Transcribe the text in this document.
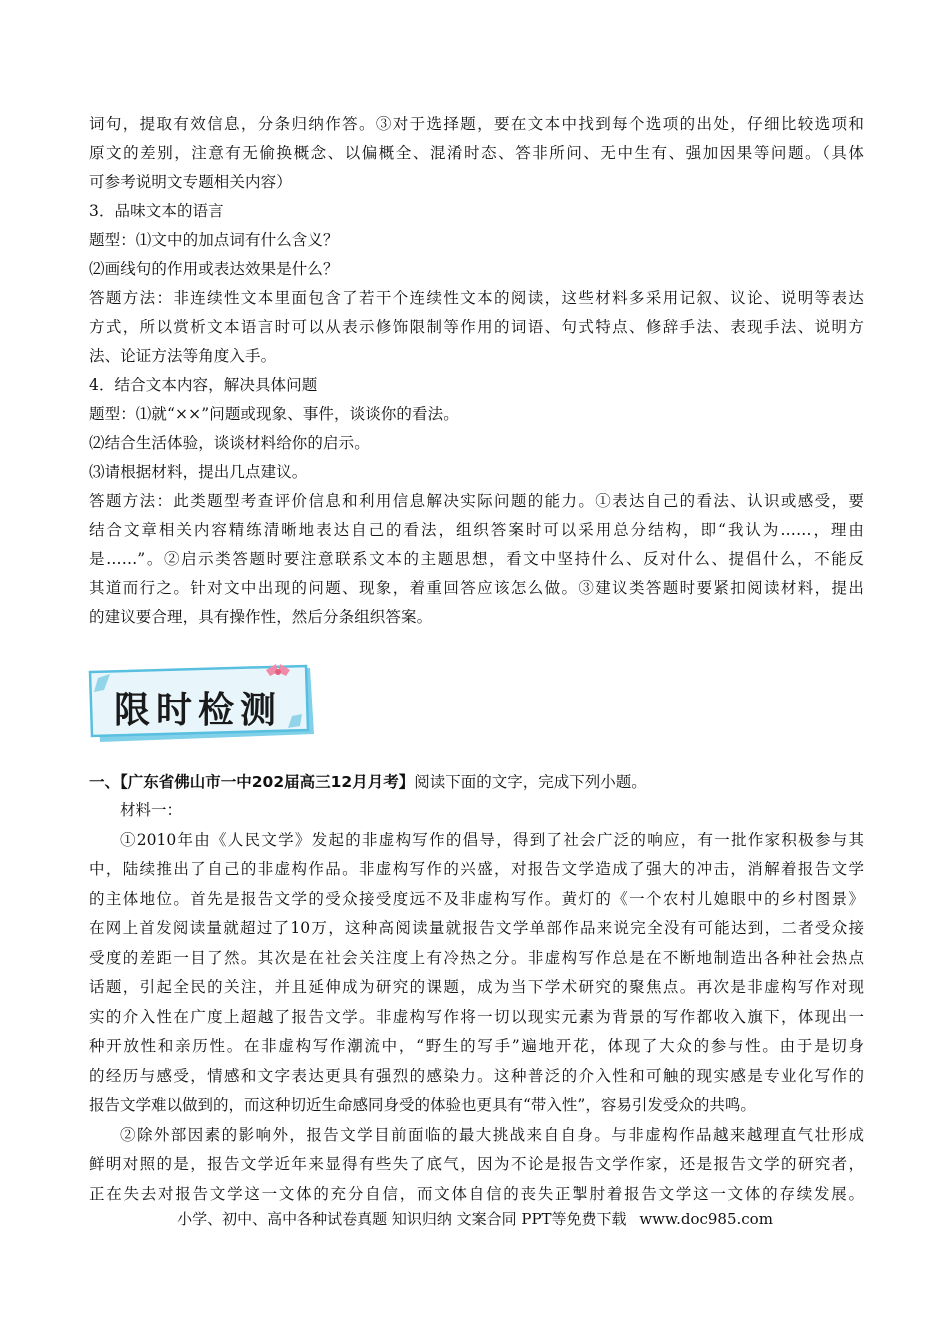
词句，提取有效信息，分条归纳作答。③对于选择题，要在文本中找到每个选项的出处，仔细比较选项和
原文的差别，注意有无偷换概念、以偏概全、混淆时态、答非所问、无中生有、强加因果等问题。（具体
可参考说明文专题相关内容）
3．品味文本的语言
题型：⑴文中的加点词有什么含义？
⑵画线句的作用或表达效果是什么？
答题方法：非连续性文本里面包含了若干个连续性文本的阅读，这些材料多采用记叙、议论、说明等表达
方式，所以赏析文本语言时可以从表示修饰限制等作用的词语、句式特点、修辞手法、表现手法、说明方
法、论证方法等角度入手。
4．结合文本内容，解决具体问题
题型：⑴就“××”问题或现象、事件，谈谈你的看法。
⑵结合生活体验，谈谈材料给你的启示。
⑶请根据材料，提出几点建议。
答题方法：此类题型考查评价信息和利用信息解决实际问题的能力。①表达自己的看法、认识或感受，要
结合文章相关内容精练清晰地表达自己的看法，组织答案时可以采用总分结构，即“我认为……，理由
是……”。②启示类答题时要注意联系文本的主题思想，看文中坚持什么、反对什么、提倡什么，不能反
其道而行之。针对文中出现的问题、现象，着重回答应该怎么做。③建议类答题时要紧扣阅读材料，提出
的建议要合理，具有操作性，然后分条组织答案。
限时检测
一、【广东省佛山市一中202届高三12月月考】阅读下面的文字，完成下列小题。
材料一：
①2010年由《人民文学》发起的非虚构写作的倡导，得到了社会广泛的响应，有一批作家积极参与其
中，陆续推出了自己的非虚构作品。非虚构写作的兴盛，对报告文学造成了强大的冲击，消解着报告文学
的主体地位。首先是报告文学的受众接受度远不及非虚构写作。黄灯的《一个农村儿媳眼中的乡村图景》
在网上首发阅读量就超过了10万，这种高阅读量就报告文学单部作品来说完全没有可能达到，二者受众接
受度的差距一目了然。其次是在社会关注度上有冷热之分。非虚构写作总是在不断地制造出各种社会热点
话题，引起全民的关注，并且延伸成为研究的课题，成为当下学术研究的聚焦点。再次是非虚构写作对现
实的介入性在广度上超越了报告文学。非虚构写作将一切以现实元素为背景的写作都收入旗下，体现出一
种开放性和亲历性。在非虚构写作潮流中，“野生的写手”遍地开花，体现了大众的参与性。由于是切身
的经历与感受，情感和文字表达更具有强烈的感染力。这种普泛的介入性和可触的现实感是专业化写作的
报告文学难以做到的，而这种切近生命感同身受的体验也更具有“带入性”，容易引发受众的共鸣。
②除外部因素的影响外，报告文学目前面临的最大挑战来自自身。与非虚构作品越来越理直气壮形成
鲜明对照的是，报告文学近年来显得有些失了底气，因为不论是报告文学作家，还是报告文学的研究者，
正在失去对报告文学这一文体的充分自信，而文体自信的丧失正掣肘着报告文学这一文体的存续发展。
小学、初中、高中各种试卷真题 知识归纳 文案合同 PPT等免费下载 www.doc985.com
